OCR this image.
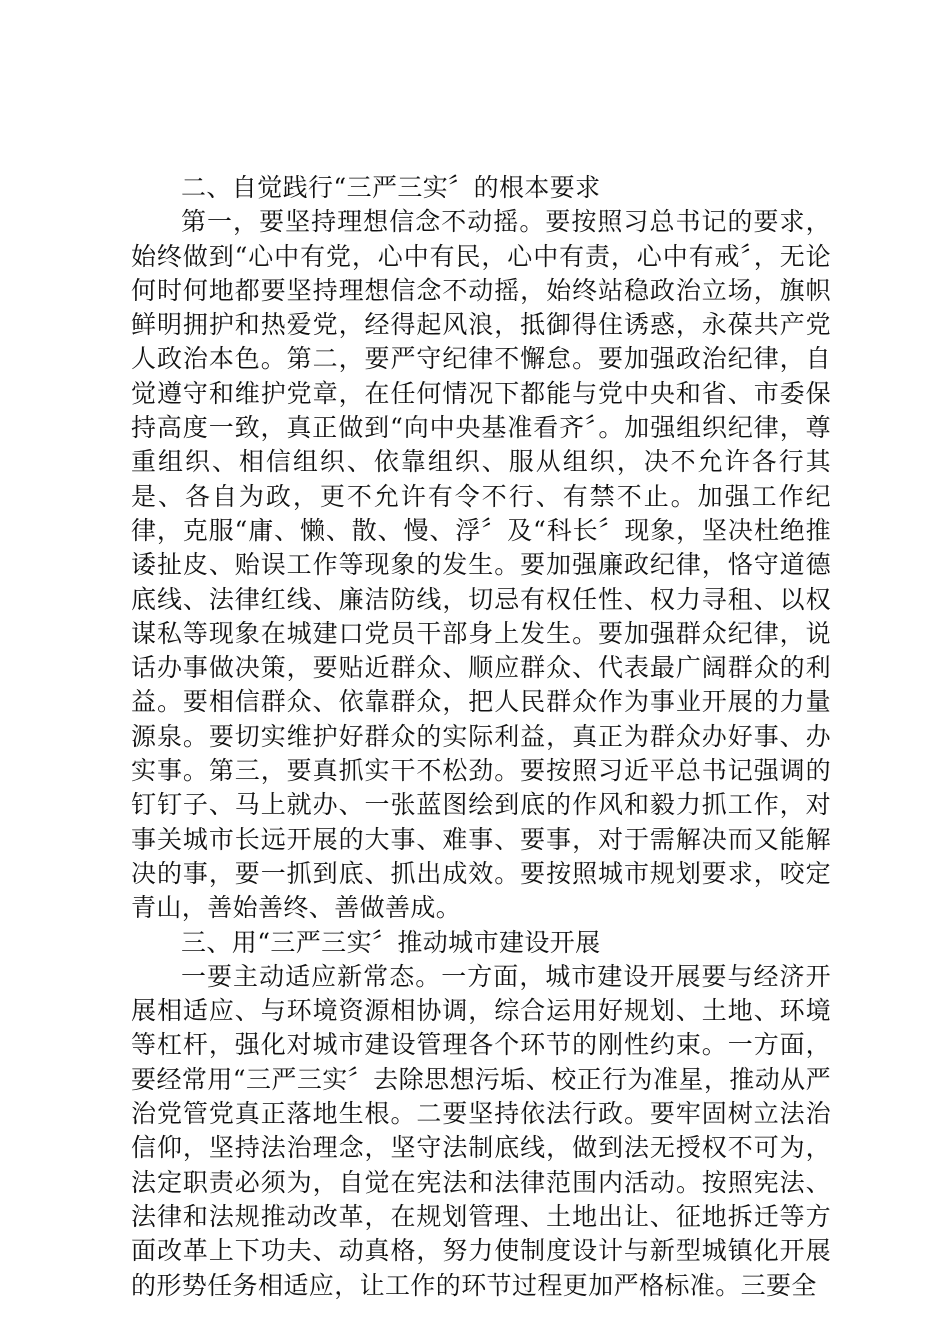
二、自觉践行“三严三实〞的根本要求

第一，要坚持理想信念不动摇。要按照习总书记的要求，始终做到“心中有党，心中有民，心中有责，心中有戒〞，无论何时何地都要坚持理想信念不动摇，始终站稳政治立场，旗帜鲜明拥护和热爱党，经得起风浪，抵御得住诱惑，永葆共产党人政治本色。第二，要严守纪律不懈怠。要加强政治纪律，自觉遵守和维护党章，在任何情况下都能与党中央和省、市委保持高度一致，真正做到“向中央基准看齐〞。加强组织纪律，尊重组织、相信组织、依靠组织、服从组织，决不允许各行其是、各自为政，更不允许有令不行、有禁不止。加强工作纪律，克服“庸、懒、散、慢、浮〞及“科长〞现象，坚决杜绝推诿扯皮、贻误工作等现象的发生。要加强廉政纪律，恪守道德底线、法律红线、廉洁防线，切忌有权任性、权力寻租、以权谋私等现象在城建口党员干部身上发生。要加强群众纪律，说话办事做决策，要贴近群众、顺应群众、代表最广阔群众的利益。要相信群众、依靠群众，把人民群众作为事业开展的力量源泉。要切实维护好群众的实际利益，真正为群众办好事、办实事。第三，要真抓实干不松劲。要按照习近平总书记强调的钉钉子、马上就办、一张蓝图绘到底的作风和毅力抓工作，对事关城市长远开展的大事、难事、要事，对于需解决而又能解决的事，要一抓到底、抓出成效。要按照城市规划要求，咬定青山，善始善终、善做善成。

三、用“三严三实〞推动城市建设开展

一要主动适应新常态。一方面，城市建设开展要与经济开展相适应、与环境资源相协调，综合运用好规划、土地、环境等杠杆，强化对城市建设管理各个环节的刚性约束。一方面，要经常用“三严三实〞去除思想污垢、校正行为准星，推动从严治党管党真正落地生根。二要坚持依法行政。要牢固树立法治信仰，坚持法治理念，坚守法制底线，做到法无授权不可为，法定职责必须为，自觉在宪法和法律范围内活动。按照宪法、法律和法规推动改革，在规划管理、土地出让、征地拆迁等方面改革上下功夫、动真格，努力使制度设计与新型城镇化开展的形势任务相适应，让工作的环节过程更加严格标准。三要全
